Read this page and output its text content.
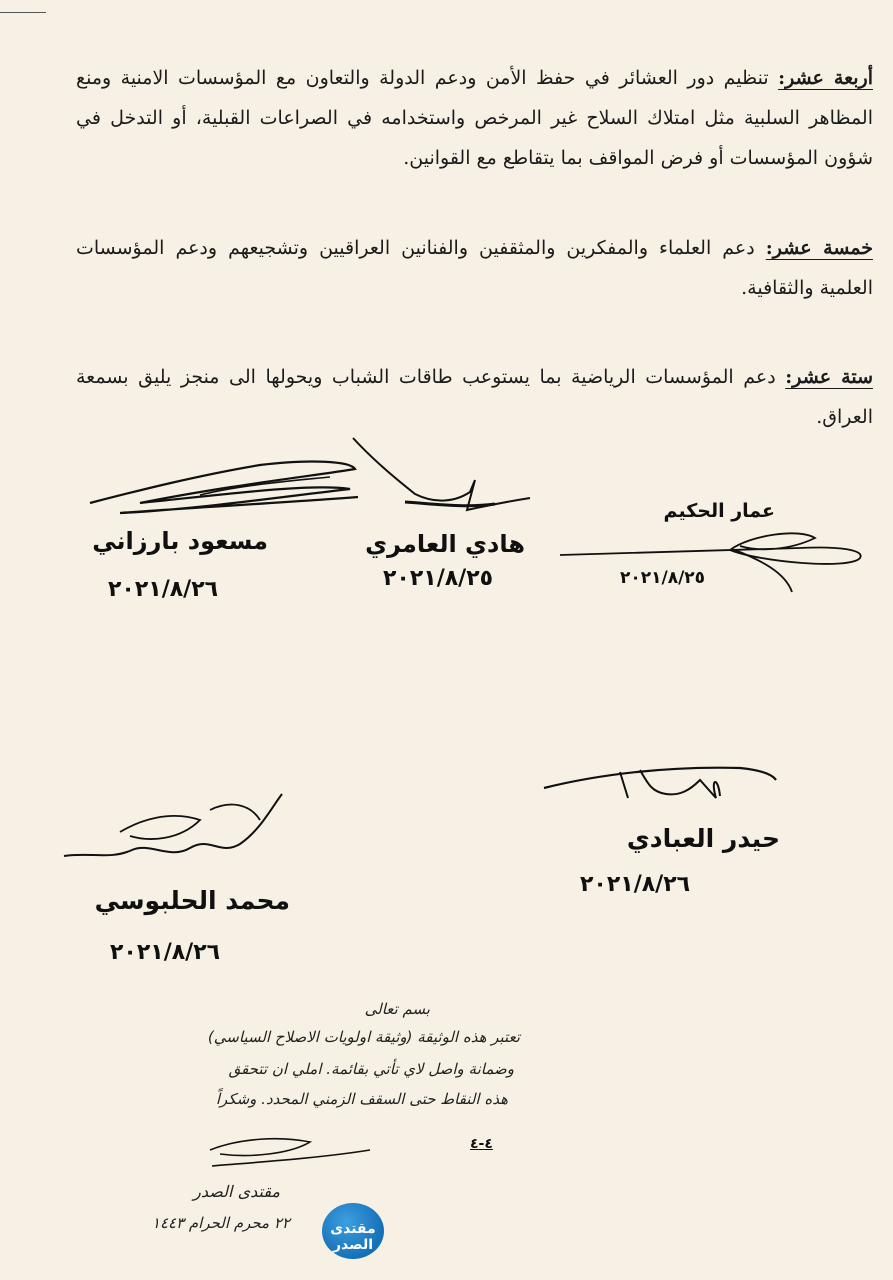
أربعة عشر: تنظيم دور العشائر في حفظ الأمن ودعم الدولة والتعاون مع المؤسسات الامنية ومنع المظاهر السلبية مثل امتلاك السلاح غير المرخص واستخدامه في الصراعات القبلية، أو التدخل في شؤون المؤسسات أو فرض المواقف بما يتقاطع مع القوانين.

خمسة عشر: دعم العلماء والمفكرين والمثقفين والفنانين العراقيين وتشجيعهم ودعم المؤسسات العلمية والثقافية.

ستة عشر: دعم المؤسسات الرياضية بما يستوعب طاقات الشباب ويحولها الى منجز يليق بسمعة العراق.

مسعود بارزاني
٢٠٢١/٨/٢٦
هادي العامري
٢٠٢١/٨/٢٥
عمار الحكيم
٢٠٢١/٨/٢٥
حيدر العبادي
٢٠٢١/٨/٢٦
محمد الحلبوسي
٢٠٢١/٨/٢٦
بسم تعالى
تعتبر هذه الوثيقة (وثيقة اولويات الاصلاح السياسي)
وضمانة واصل لاي تأتي بقائمة. املي ان تتحقق
هذه النقاط حتى السقف الزمني المحدد. وشكراً
مقتدى الصدر
٢٢ محرم الحرام ١٤٤٣
٤-٤
مقتدى الصدر
